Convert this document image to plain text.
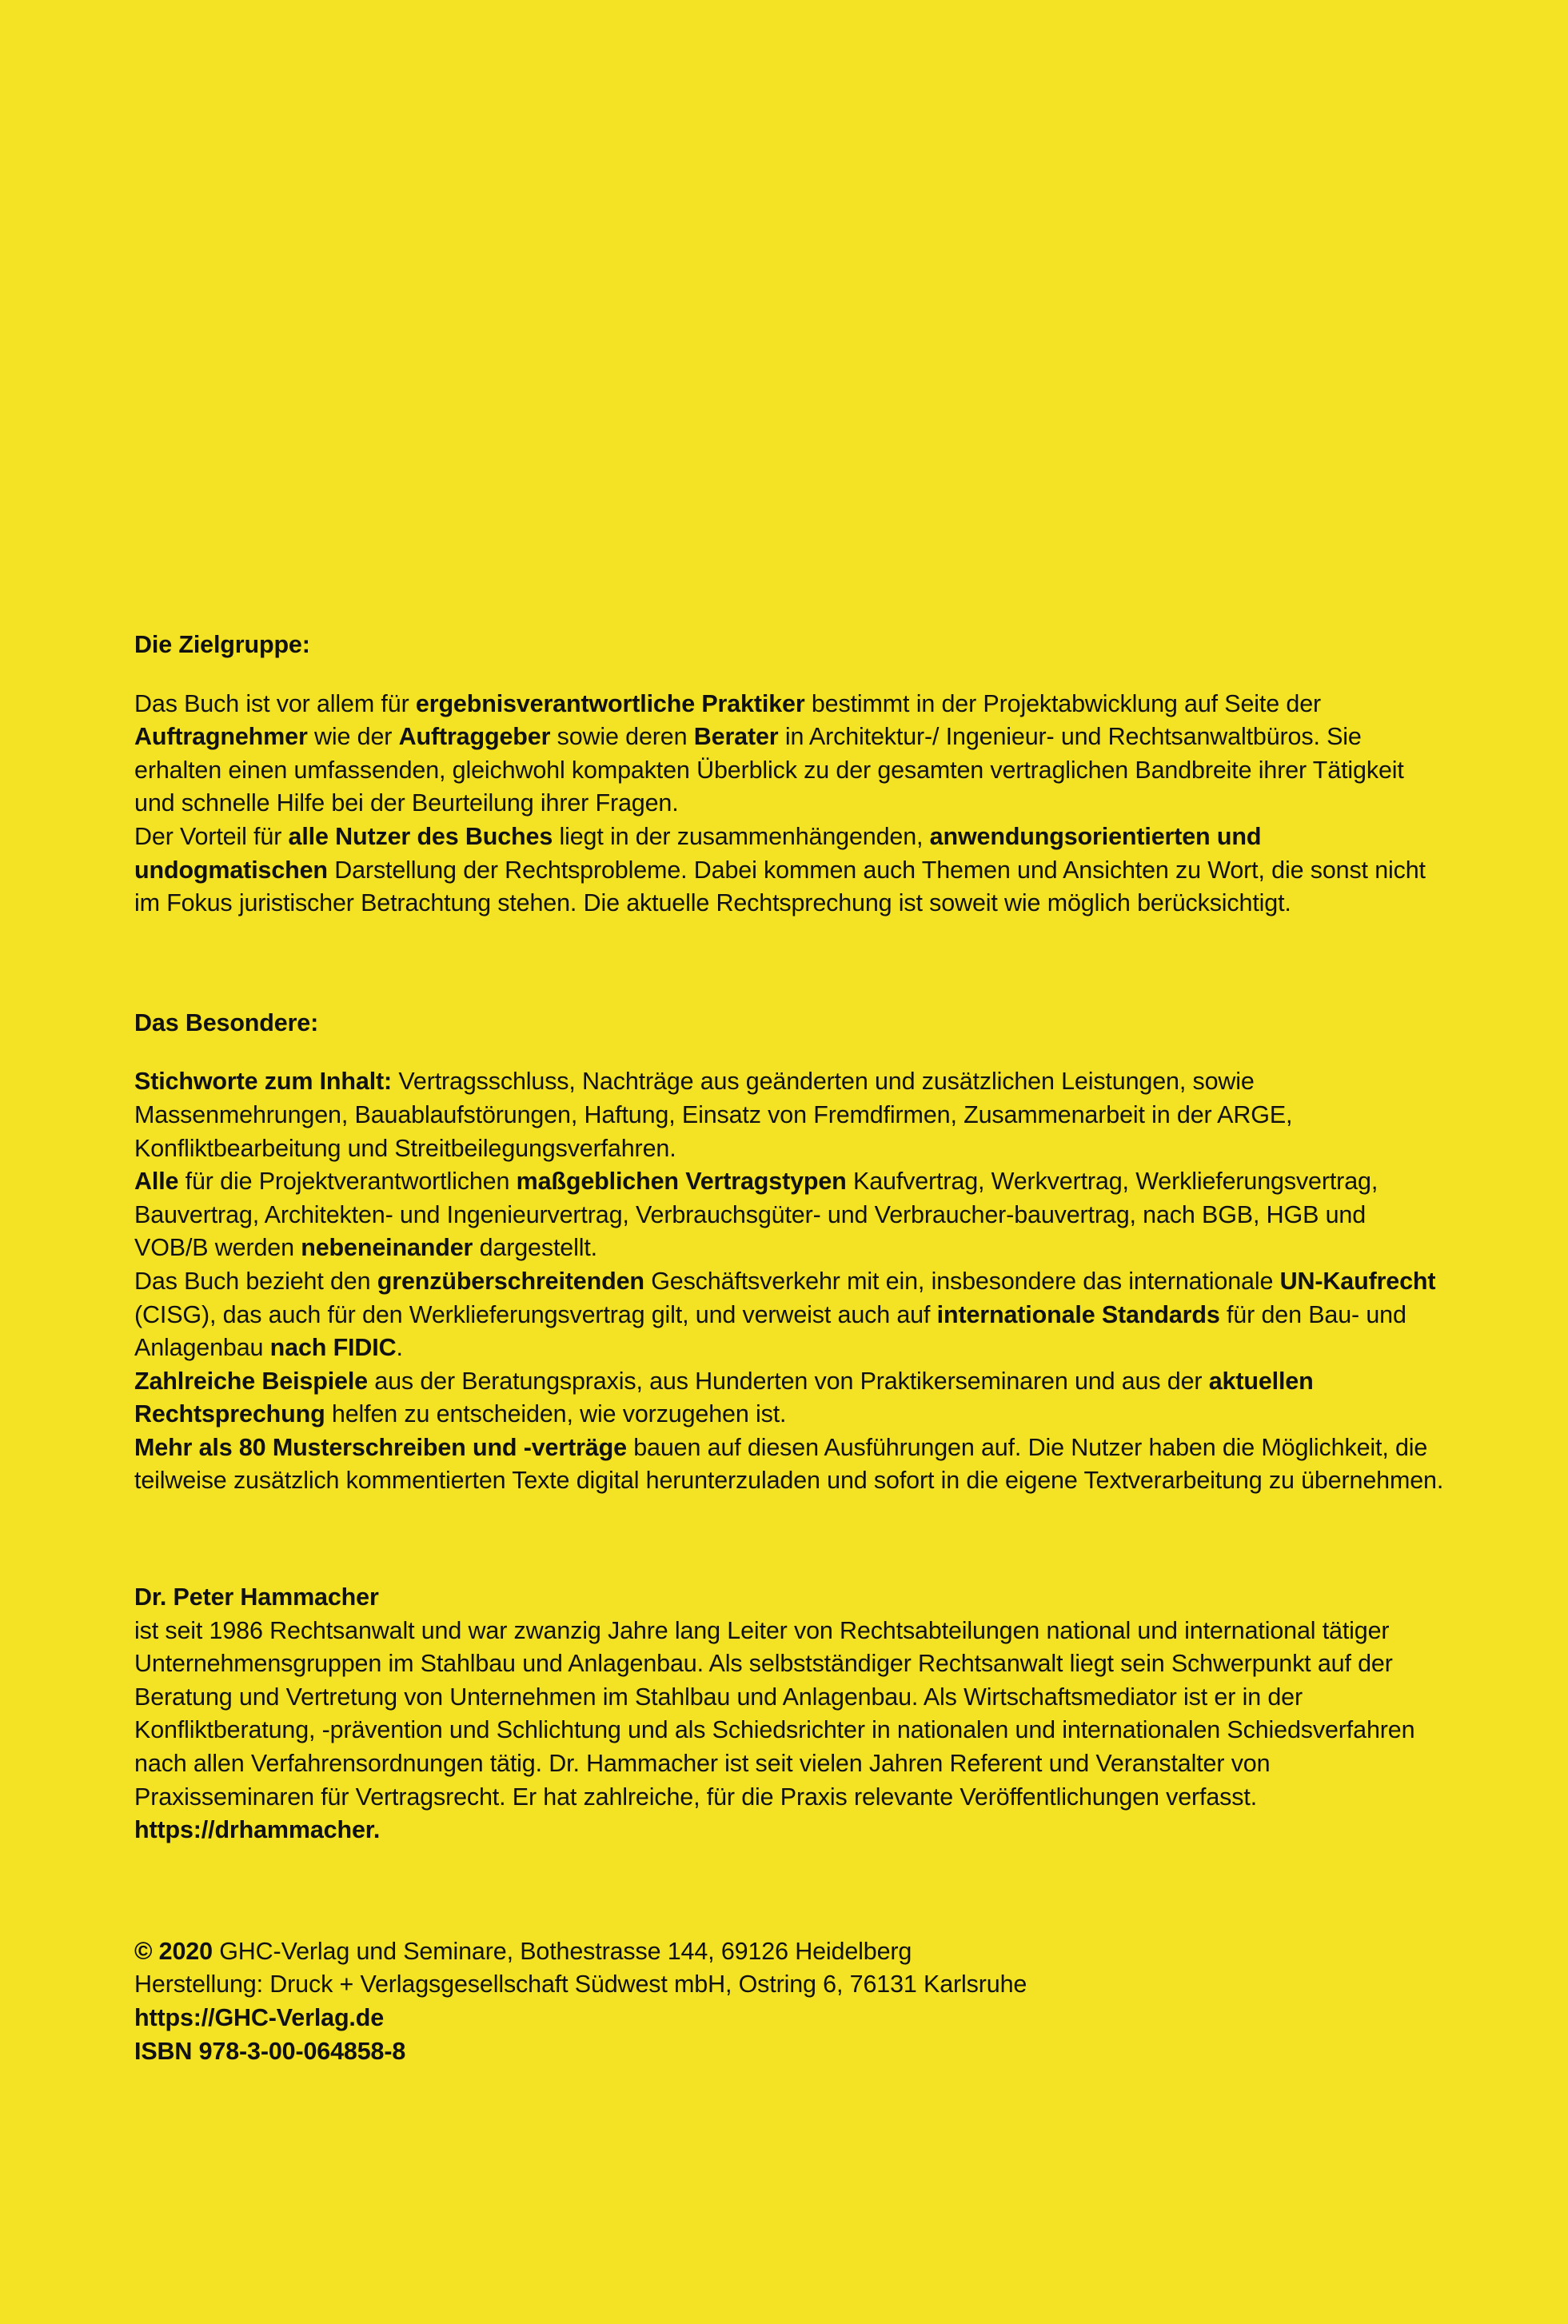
Die Zielgruppe:

Das Buch ist vor allem für ergebnisverantwortliche Praktiker bestimmt in der Projektabwicklung auf Seite der Auftragnehmer wie der Auftraggeber sowie deren Berater in Architektur-/ Ingenieur- und Rechtsanwaltbüros. Sie erhalten einen umfassenden, gleichwohl kompakten Überblick zu der gesamten vertraglichen Bandbreite ihrer Tätigkeit und schnelle Hilfe bei der Beurteilung ihrer Fragen.

Der Vorteil für alle Nutzer des Buches liegt in der zusammenhängenden, anwendungsorientierten und undogmatischen Darstellung der Rechtsprobleme. Dabei kommen auch Themen und Ansichten zu Wort, die sonst nicht im Fokus juristischer Betrachtung stehen. Die aktuelle Rechtsprechung ist soweit wie möglich berücksichtigt.

Das Besondere:

Stichworte zum Inhalt: Vertragsschluss, Nachträge aus geänderten und zusätzlichen Leistungen, sowie Massenmehrungen, Bauablaufstörungen, Haftung, Einsatz von Fremdfirmen, Zusammenarbeit in der ARGE, Konfliktbearbeitung und Streitbeilegungsverfahren.

Alle für die Projektverantwortlichen maßgeblichen Vertragstypen Kaufvertrag, Werkvertrag, Werklieferungsvertrag, Bauvertrag, Architekten- und Ingenieurvertrag, Verbrauchsgüter- und Verbraucher-bauvertrag, nach BGB, HGB und VOB/B werden nebeneinander dargestellt.

Das Buch bezieht den grenzüberschreitenden Geschäftsverkehr mit ein, insbesondere das internationale UN-Kaufrecht (CISG), das auch für den Werklieferungsvertrag gilt, und verweist auch auf internationale Standards für den Bau- und Anlagenbau nach FIDIC.

Zahlreiche Beispiele aus der Beratungspraxis, aus Hunderten von Praktikerseminaren und aus der aktuellen Rechtsprechung helfen zu entscheiden, wie vorzugehen ist.

Mehr als 80 Musterschreiben und -verträge bauen auf diesen Ausführungen auf. Die Nutzer haben die Möglichkeit, die teilweise zusätzlich kommentierten Texte digital herunterzuladen und sofort in die eigene Textverarbeitung zu übernehmen.

Dr. Peter Hammacher

ist seit 1986 Rechtsanwalt und war zwanzig Jahre lang Leiter von Rechtsabteilungen national und international tätiger Unternehmensgruppen im Stahlbau und Anlagenbau. Als selbstständiger Rechtsanwalt liegt sein Schwerpunkt auf der Beratung und Vertretung von Unternehmen im Stahlbau und Anlagenbau. Als Wirtschaftsmediator ist er in der Konfliktberatung, -prävention und Schlichtung und als Schiedsrichter in nationalen und internationalen Schiedsverfahren nach allen Verfahrensordnungen tätig. Dr. Hammacher ist seit vielen Jahren Referent und Veranstalter von Praxisseminaren für Vertragsrecht. Er hat zahlreiche, für die Praxis relevante Veröffentlichungen verfasst.

https://drhammacher.

© 2020 GHC-Verlag und Seminare, Bothestrasse 144, 69126 Heidelberg

Herstellung: Druck + Verlagsgesellschaft Südwest mbH, Ostring 6, 76131 Karlsruhe

https://GHC-Verlag.de

ISBN 978-3-00-064858-8
